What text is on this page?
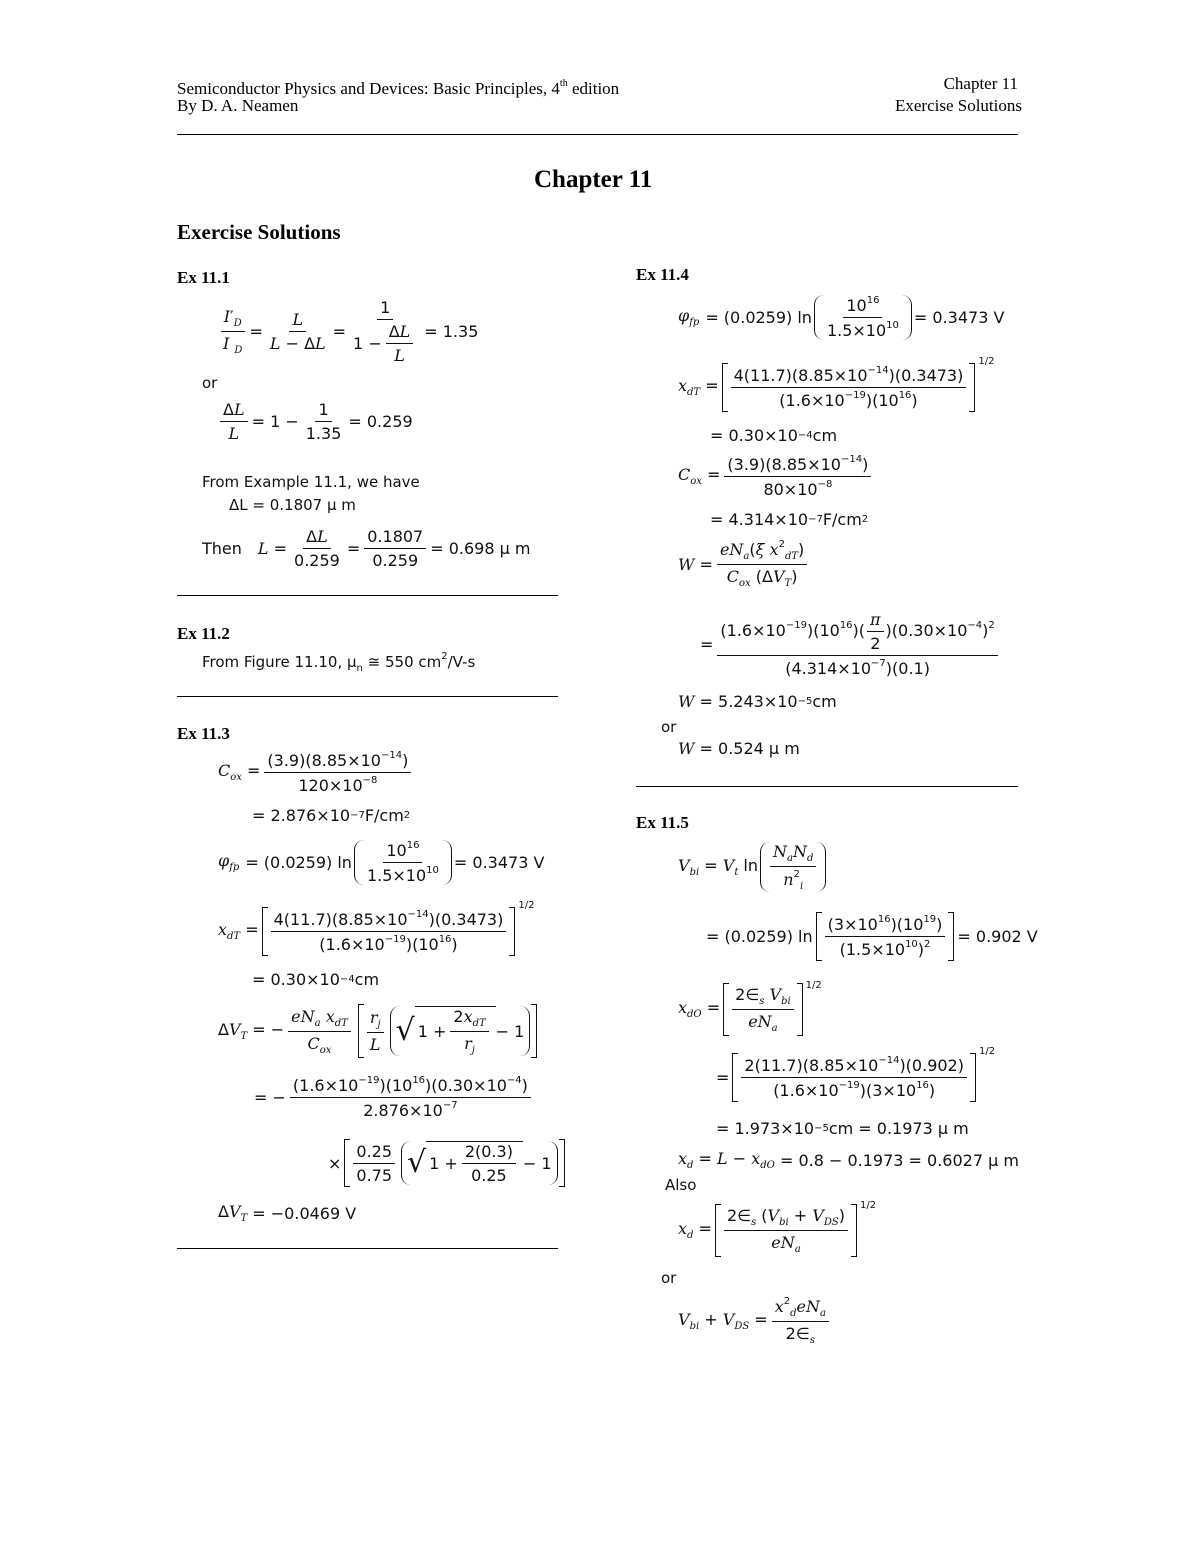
Semiconductor Physics and Devices: Basic Principles, 4th edition
By D. A. Neamen
Chapter 11
Exercise Solutions
Chapter 11
Exercise Solutions
Ex 11.1
$\frac{I'_D}{I _D} = \frac{L}{L - \Delta L}$ =
1
1 −
ΔL
L
= 1.35
or
$\frac{\Delta L}{L} = 1 - \frac{1}{1.35} = 0.259$
From Example 11.1, we have
ΔL = 0.1807 μ m
Then $L = \frac{\Delta L}{0.259} = \frac{0.1807}{0.259} = 0.698$ μ m
Ex 11.2
From Figure 11.10, $\mu_n$ ≅ 550 $cm^2/V-s$
Ex 11.3
$C_{ox} = \frac{(3.9)(8.85\times 10^{-14})}{120\times 10^{-8}}$
= 2.876×10 −7 F/cm 2
$\varphi_{fp} = (0.0259)$ ln
$10^{16}$
$1.5\times 10^{10} = 0.3473$ V
$x_{dT}$ =
$4(11.7)(8.85\times 10^{-14})(0.3473)$
$(1.6\times 10^{-19})(10^{16})$
$^{1/2}$
= 0.30×10 −4 cm
$\Delta V_T$ = −
$eN_a$ $x_{dT}$
$C_{ox}$
$r_j$
L √ 1 +
$2x_{dT}$
$r_j$
− 1
= − $\frac{(1.6\times 10^{-19})(10^{16})(0.30\times 10^{-4})}{2.876\times 10^{-7}}$
×
0.25
0.75 √ 1 +
2(0.3)
0.25
− 1
$\Delta V_T = -0.0469$ V
Ex 11.4
$\varphi_{fp} = (0.0259)$ ln
$10^{16}$
$1.5\times 10^{10} = 0.3473$ V
$x_{dT}$ =
$4(11.7)(8.85\times 10^{-14})(0.3473)$
$(1.6\times 10^{-19})(10^{16})$
$^{1/2}$
= 0.30×10 −4 cm
$C_{ox} = \frac{(3.9)(8.85\times 10^{-14})}{80\times 10^{-8}}$
= 4.314×10 −7 F/cm 2
W =
$eN_a(\xi$ $x^2_{dT}$)
$C_{ox}$ $(\Delta V_T)$
= $\frac{(1.6\times 10^{-19})(10^{16})( \frac{\pi}{2} )(0.30\times 10^{-4})^2}{(4.314\times 10^{-7})(0.1)}$
W = 5.243×10 −5 cm
or
W = 0.524 μ m
Ex 11.5
$V_{bi} = V_t$ ln
$N_aN_d$
$n^2_i$
= (0.0259) ln
$(3\times 10^{16})(10^{19})$
$(1.5\times 10^{10})^2 = 0.902$ V
$x_{dO}$ =
$2\in_s$ $V_{bi}$
$eN_a$
$^{1/2}$
=
$2(11.7)(8.85\times 10^{-14})(0.902)$
$(1.6\times 10^{-19})(3\times 10^{16})$
$^{1/2}$
= 1.973×10 −5 cm = 0.1973 μ m
$x_d = L - x_{dO} = 0.8 - 0.1973 = 0.6027$ μ m
Also
$x_d$ =
$2\in_s$ $(V_{bi} + V_{DS})$
$eN_a$
$^{1/2}$
or
$V_{bi} + V_{DS}$ =
$x^2_deN_a$
$2\in_s$
